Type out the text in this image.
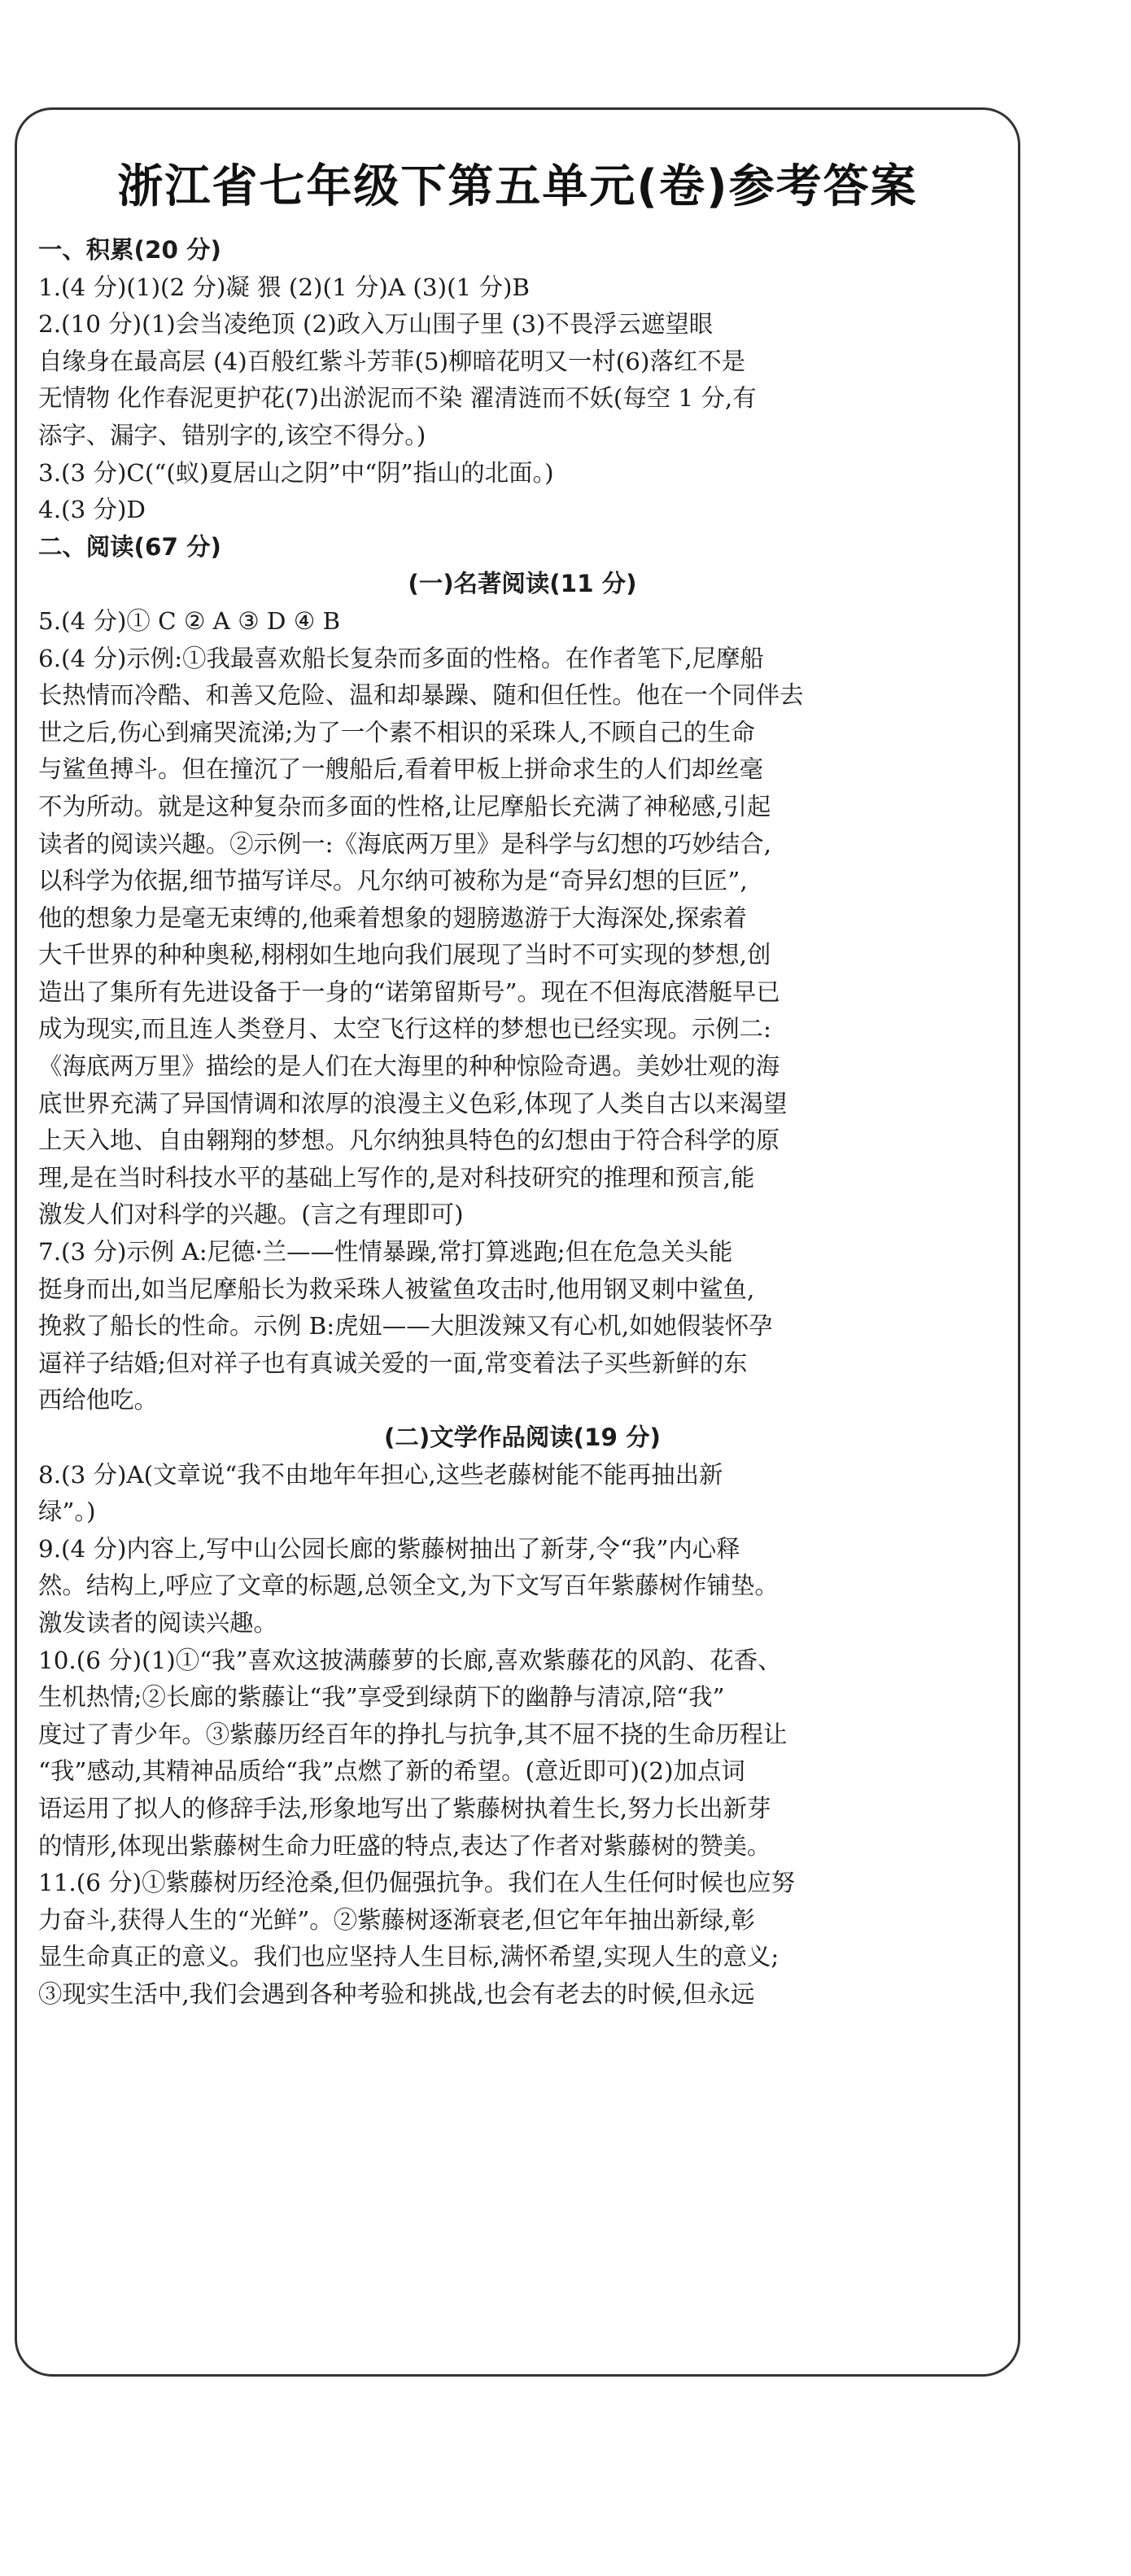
浙江省七年级下第五单元(卷)参考答案
一、积累(20 分)
1.(4 分)(1)(2 分)凝 猥 (2)(1 分)A (3)(1 分)B
2.(10 分)(1)会当凌绝顶 (2)政入万山围子里 (3)不畏浮云遮望眼
自缘身在最高层 (4)百般红紫斗芳菲(5)柳暗花明又一村(6)落红不是
无情物 化作春泥更护花(7)出淤泥而不染 濯清涟而不妖(每空 1 分,有
添字、漏字、错别字的,该空不得分。)
3.(3 分)C(“(蚁)夏居山之阴”中“阴”指山的北面。)
4.(3 分)D
二、阅读(67 分)
(一)名著阅读(11 分)
5.(4 分)① C ② A ③ D ④ B
6.(4 分)示例:①我最喜欢船长复杂而多面的性格。在作者笔下,尼摩船
长热情而冷酷、和善又危险、温和却暴躁、随和但任性。他在一个同伴去
世之后,伤心到痛哭流涕;为了一个素不相识的采珠人,不顾自己的生命
与鲨鱼搏斗。但在撞沉了一艘船后,看着甲板上拼命求生的人们却丝毫
不为所动。就是这种复杂而多面的性格,让尼摩船长充满了神秘感,引起
读者的阅读兴趣。②示例一:《海底两万里》是科学与幻想的巧妙结合,
以科学为依据,细节描写详尽。凡尔纳可被称为是“奇异幻想的巨匠”,
他的想象力是毫无束缚的,他乘着想象的翅膀遨游于大海深处,探索着
大千世界的种种奥秘,栩栩如生地向我们展现了当时不可实现的梦想,创
造出了集所有先进设备于一身的“诺第留斯号”。现在不但海底潜艇早已
成为现实,而且连人类登月、太空飞行这样的梦想也已经实现。示例二:
《海底两万里》描绘的是人们在大海里的种种惊险奇遇。美妙壮观的海
底世界充满了异国情调和浓厚的浪漫主义色彩,体现了人类自古以来渴望
上天入地、自由翱翔的梦想。凡尔纳独具特色的幻想由于符合科学的原
理,是在当时科技水平的基础上写作的,是对科技研究的推理和预言,能
激发人们对科学的兴趣。(言之有理即可)
7.(3 分)示例 A:尼德·兰——性情暴躁,常打算逃跑;但在危急关头能
挺身而出,如当尼摩船长为救采珠人被鲨鱼攻击时,他用钢叉刺中鲨鱼,
挽救了船长的性命。示例 B:虎妞——大胆泼辣又有心机,如她假装怀孕
逼祥子结婚;但对祥子也有真诚关爱的一面,常变着法子买些新鲜的东
西给他吃。
(二)文学作品阅读(19 分)
8.(3 分)A(文章说“我不由地年年担心,这些老藤树能不能再抽出新
绿”。)
9.(4 分)内容上,写中山公园长廊的紫藤树抽出了新芽,令“我”内心释
然。结构上,呼应了文章的标题,总领全文,为下文写百年紫藤树作铺垫。
激发读者的阅读兴趣。
10.(6 分)(1)①“我”喜欢这披满藤萝的长廊,喜欢紫藤花的风韵、花香、
生机热情;②长廊的紫藤让“我”享受到绿荫下的幽静与清凉,陪“我”
度过了青少年。③紫藤历经百年的挣扎与抗争,其不屈不挠的生命历程让
“我”感动,其精神品质给“我”点燃了新的希望。(意近即可)(2)加点词
语运用了拟人的修辞手法,形象地写出了紫藤树执着生长,努力长出新芽
的情形,体现出紫藤树生命力旺盛的特点,表达了作者对紫藤树的赞美。
11.(6 分)①紫藤树历经沧桑,但仍倔强抗争。我们在人生任何时候也应努
力奋斗,获得人生的“光鲜”。②紫藤树逐渐衰老,但它年年抽出新绿,彰
显生命真正的意义。我们也应坚持人生目标,满怀希望,实现人生的意义;
③现实生活中,我们会遇到各种考验和挑战,也会有老去的时候,但永远
